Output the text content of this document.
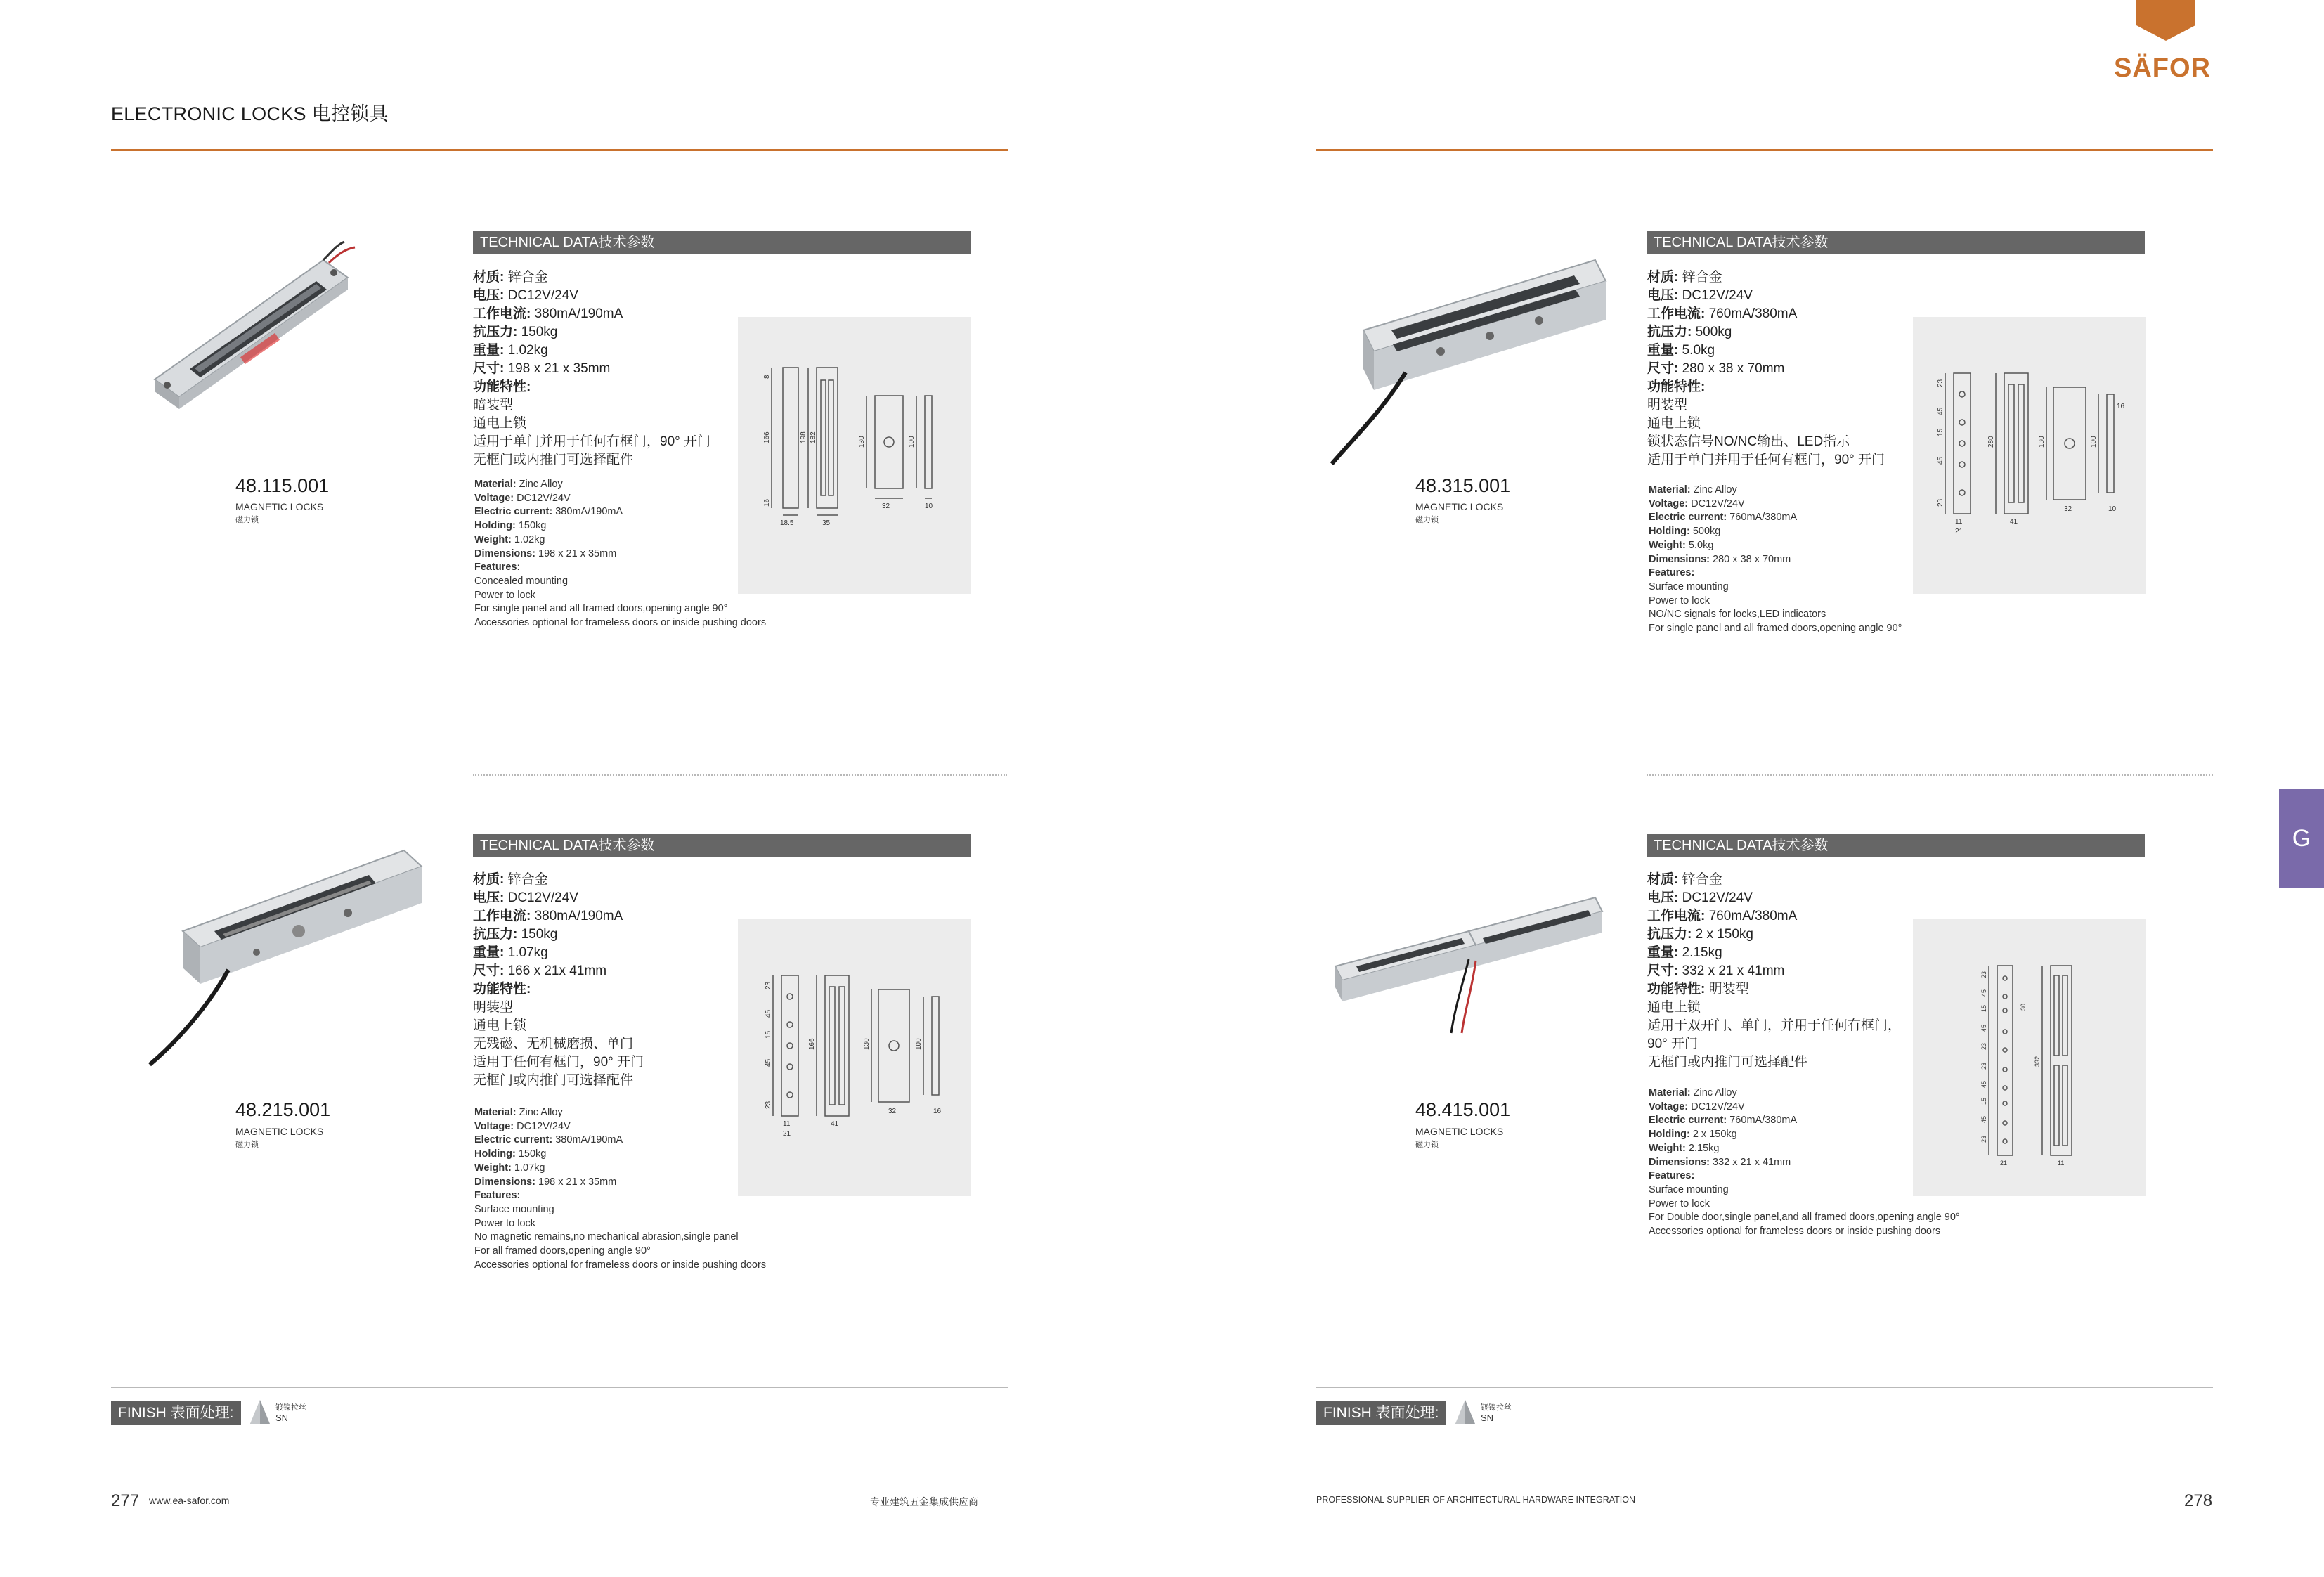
ELECTRONIC LOCKS 电控锁具
SÄFOR
G
48.115.001
MAGNETIC LOCKS
磁力锁
TECHNICAL DATA技术参数
材质: 锌合金
电压: DC12V/24V
工作电流: 380mA/190mA
抗压力: 150kg
重量: 1.02kg
尺寸: 198 x 21 x 35mm
功能特性:
暗装型
通电上锁
适用于单门并用于任何有框门，90° 开门
无框门或内推门可选择配件
Material: Zinc Alloy
Voltage: DC12V/24V
Electric current: 380mA/190mA
Holding: 150kg
Weight: 1.02kg
Dimensions: 198 x 21 x 35mm
Features:
Concealed mounting
Power to lock
For single panel and all framed doors,opening angle 90°
Accessories optional for frameless doors or inside pushing doors
8
166	198 182	130	100
16
18.5	35
32	10
48.315.001
MAGNETIC LOCKS
磁力锁
TECHNICAL DATA技术参数
材质: 锌合金
电压: DC12V/24V
工作电流: 760mA/380mA
抗压力: 500kg
重量: 5.0kg
尺寸: 280 x 38 x 70mm
功能特性:
明装型
通电上锁
锁状态信号NO/NC输出、LED指示
适用于单门并用于任何有框门，90° 开门
Material: Zinc Alloy
Voltage: DC12V/24V
Electric current: 760mA/380mA
Holding: 500kg
Weight: 5.0kg
Dimensions: 280 x 38 x 70mm
Features:
Surface mounting
Power to lock
NO/NC signals for locks,LED indicators
For single panel and all framed doors,opening angle 90°
23
45
15
45
23
11
21
280
41
130
32
100
16
10
48.215.001
MAGNETIC LOCKS
磁力锁
TECHNICAL DATA技术参数
材质: 锌合金
电压: DC12V/24V
工作电流: 380mA/190mA
抗压力: 150kg
重量: 1.07kg
尺寸: 166 x 21x 41mm
功能特性:
明装型
通电上锁
无残磁、无机械磨损、单门
适用于任何有框门，90° 开门
无框门或内推门可选择配件
Material: Zinc Alloy
Voltage: DC12V/24V
Electric current: 380mA/190mA
Holding: 150kg
Weight: 1.07kg
Dimensions: 198 x 21 x 35mm
Features:
Surface mounting
Power to lock
No magnetic remains,no mechanical abrasion,single panel
For all framed doors,opening angle 90°
Accessories optional for frameless doors or inside pushing doors
23
45
15
45
23
11
21
166
41
130	100
32	16	48.415.001
MAGNETIC LOCKS
磁力锁
TECHNICAL DATA技术参数
材质: 锌合金
电压: DC12V/24V
工作电流: 760mA/380mA
抗压力: 2 x 150kg
重量: 2.15kg
尺寸: 332 x 21 x 41mm
功能特性: 明装型
通电上锁
适用于双开门、单门，并用于任何有框门，
90° 开门
无框门或内推门可选择配件
Material: Zinc Alloy
Voltage: DC12V/24V
Electric current: 760mA/380mA
Holding: 2 x 150kg
Weight: 2.15kg
Dimensions: 332 x 21 x 41mm
Features:
Surface mounting
Power to lock
For Double door,single panel,and all framed doors,opening angle 90°
Accessories optional for frameless doors or inside pushing doors
23
45
15
45
23
23
45
15
45
23
332
30
11
21
FINISH 表面处理:	镀镍拉丝
SN	FINISH 表面处理:	镀镍拉丝
SN
277 www.ea-safor.com	专业建筑五金集成供应商	PROFESSIONAL SUPPLIER OF ARCHITECTURAL HARDWARE INTEGRATION	278
